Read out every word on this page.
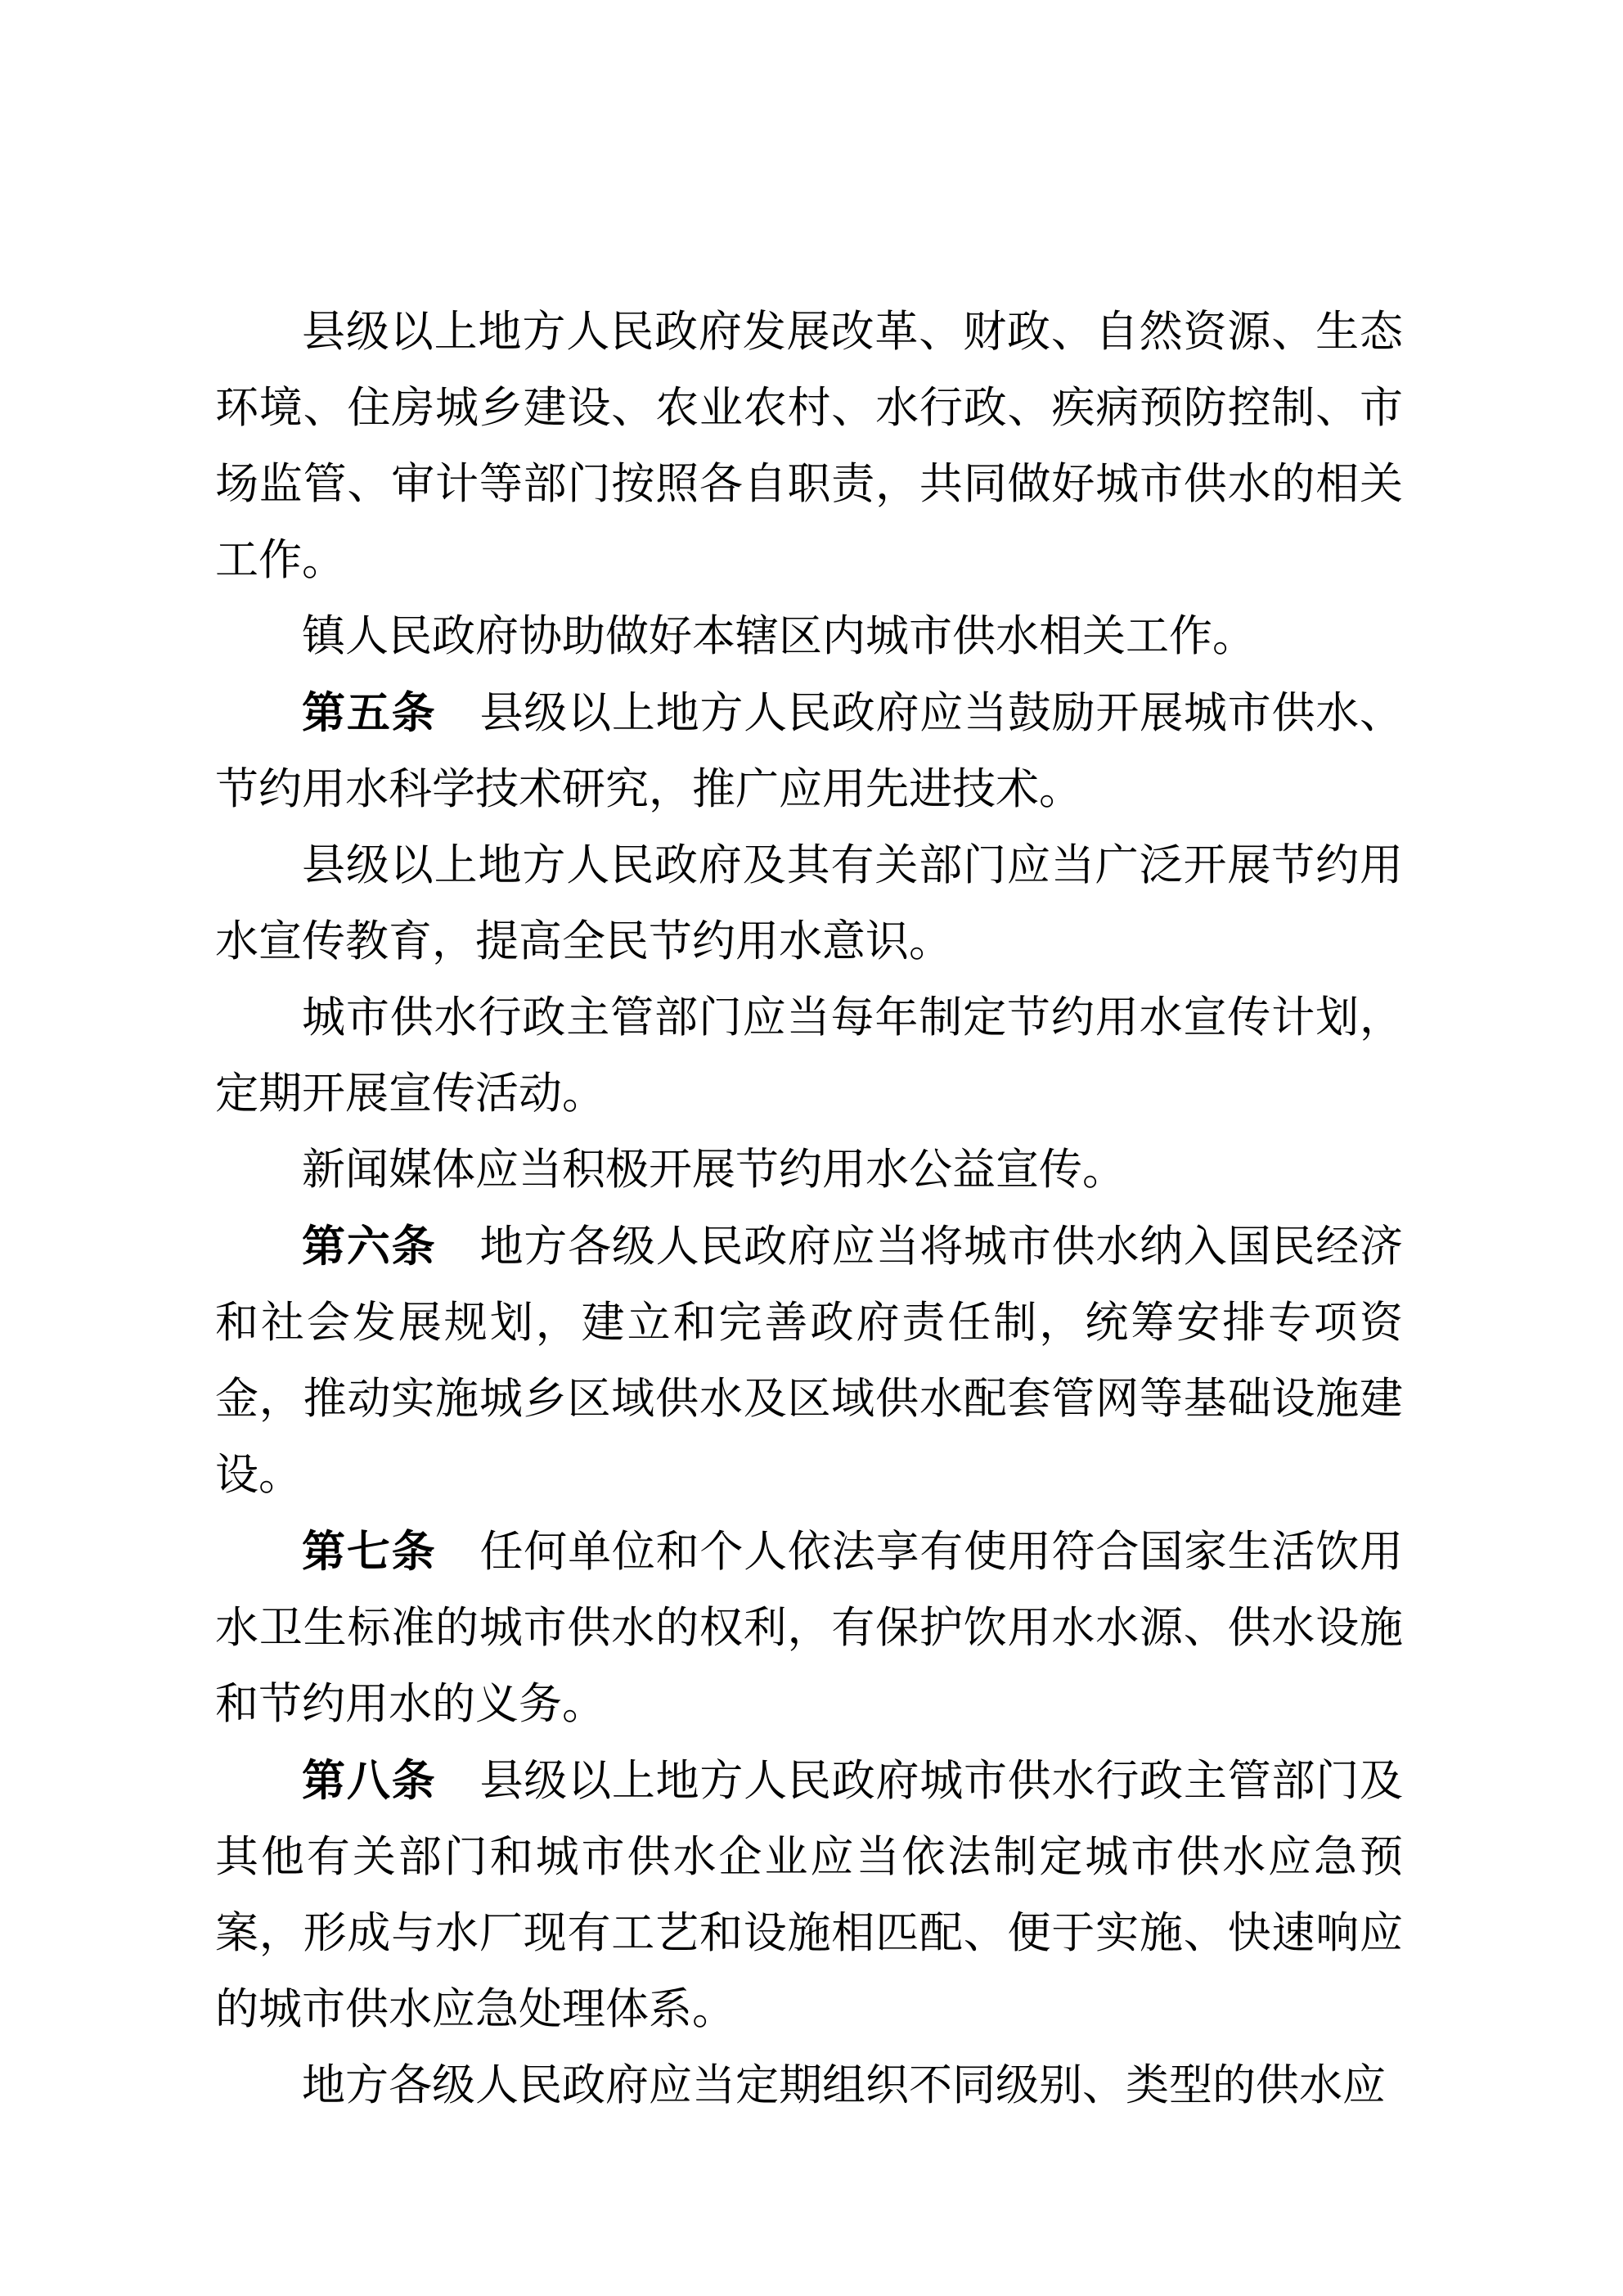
县级以上地方人民政府发展改革、财政、自然资源、生态环境、住房城乡建设、农业农村、水行政、疾病预防控制、市场监管、审计等部门按照各自职责，共同做好城市供水的相关工作。

镇人民政府协助做好本辖区内城市供水相关工作。

第五条 县级以上地方人民政府应当鼓励开展城市供水、节约用水科学技术研究，推广应用先进技术。

县级以上地方人民政府及其有关部门应当广泛开展节约用水宣传教育，提高全民节约用水意识。

城市供水行政主管部门应当每年制定节约用水宣传计划，定期开展宣传活动。

新闻媒体应当积极开展节约用水公益宣传。

第六条 地方各级人民政府应当将城市供水纳入国民经济和社会发展规划，建立和完善政府责任制，统筹安排专项资金，推动实施城乡区域供水及区域供水配套管网等基础设施建设。

第七条 任何单位和个人依法享有使用符合国家生活饮用水卫生标准的城市供水的权利，有保护饮用水水源、供水设施和节约用水的义务。

第八条 县级以上地方人民政府城市供水行政主管部门及其他有关部门和城市供水企业应当依法制定城市供水应急预案，形成与水厂现有工艺和设施相匹配、便于实施、快速响应的城市供水应急处理体系。

地方各级人民政府应当定期组织不同级别、类型的供水应
